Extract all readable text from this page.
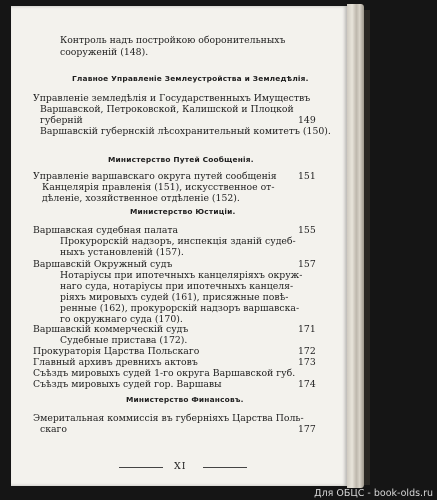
Контроль надъ постройкою оборонительныхъ
сооруженій (148).
Управленіе земледѣлія и Государственныхъ Имуществъ
Варшавской, Петроковской, Калишской и Плоцкой
губерній
Варшавскій губернскій лѣсохранительный комитетъ (150).
Управленіе варшавскаго округа путей сообщенія
Канцелярія правленія (151), искусственное от-
дѣленіе, хозяйственное отдѣленіе (152).
Варшавская судебная палата
Прокурорскій надзоръ, инспекція зданій судеб-
ныхъ установленій (157).
Варшавскій Окружный судъ
Нотаріусы при ипотечныхъ канцеляріяхъ окруж-
наго суда, нотаріусы при ипотечныхъ канцеля-
ріяхъ мировыхъ судей (161), присяжные повѣ-
ренные (162), прокурорскій надзоръ варшавска-
го окружнаго суда (170).
Варшавскій коммерческій судъ
Судебные пристава (172).
Прокураторія Царства Польскаго
Главный архивъ древнихъ актовъ
Съѣздъ мировыхъ судей 1-го округа Варшавской губ.
Съѣздъ мировыхъ судей гор. Варшавы
Эмеритальная коммиссія въ губерніяхъ Царства Поль-
скаго
Главное Управленіе Землеустройства и Земледѣлія.
Министерство Путей Сообщенія.
Министерство Юстиціи.
Министерство Финансовъ.
149
151
155
157
171
172
173
174
177
XI
Для ОБЦС - book-olds.ru
